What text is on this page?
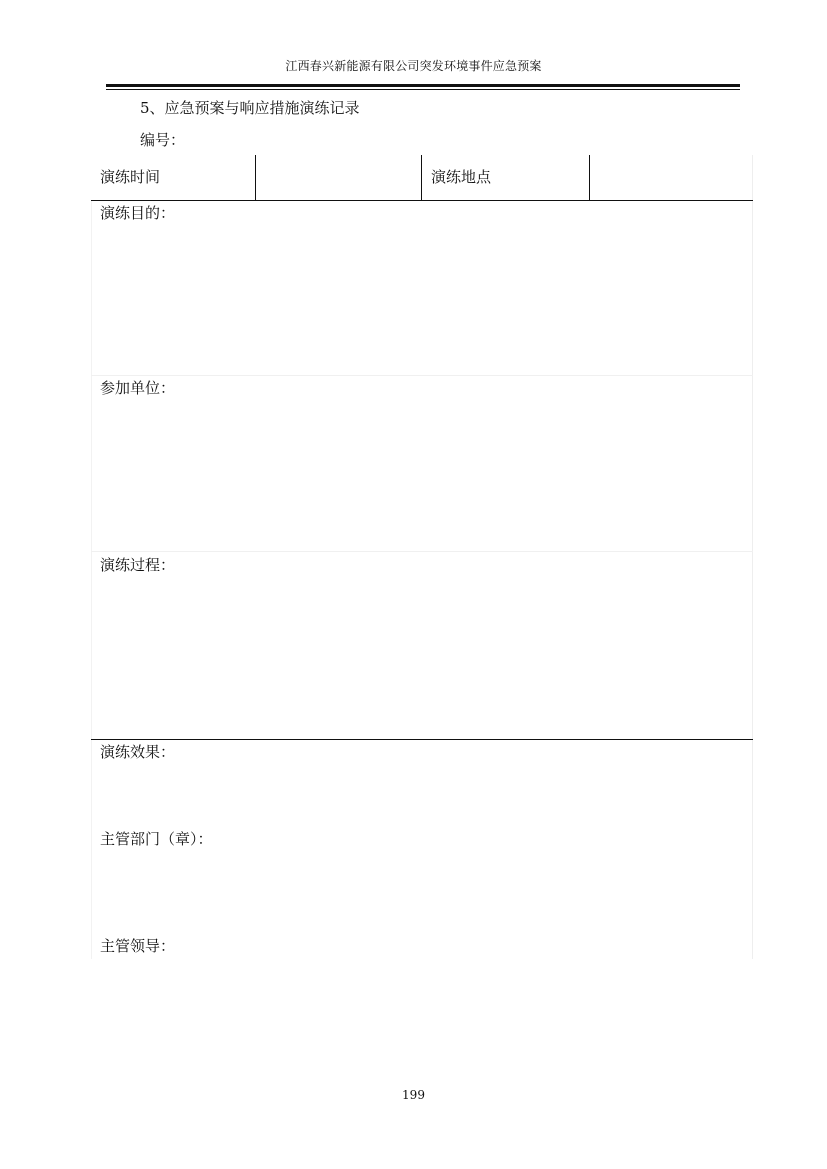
江西春兴新能源有限公司突发环境事件应急预案
5、应急预案与响应措施演练记录
编号：
演练时间	演练地点
演练目的：
参加单位：
演练过程：
演练效果：
主管部门（章）：
主管领导：
199
